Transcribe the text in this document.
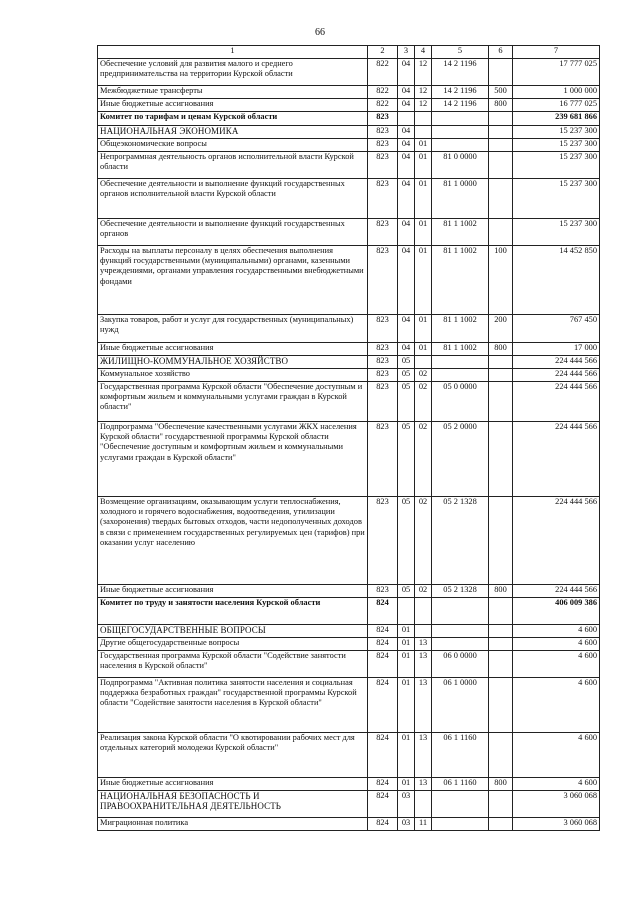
66
1	2	3	4	5	6	7
Обеспечение условий для развития малого и среднего предпринимательства на территории Курской области	822	04	12	14 2 1196		17 777 025
Межбюджетные трансферты	822	04	12	14 2 1196	500	1 000 000
Иные бюджетные ассигнования	822	04	12	14 2 1196	800	16 777 025
Комитет по тарифам и ценам Курской области	823					239 681 866
НАЦИОНАЛЬНАЯ ЭКОНОМИКА	823	04				15 237 300
Общеэкономические вопросы	823	04	01			15 237 300
Непрограммная деятельность органов исполнительной власти Курской области	823	04	01	81 0 0000		15 237 300
Обеспечение деятельности и выполнение функций государственных органов исполнительной власти Курской области	823	04	01	81 1 0000		15 237 300
Обеспечение деятельности и выполнение функций государственных органов	823	04	01	81 1 1002		15 237 300
Расходы на выплаты персоналу в целях обеспечения выполнения функций государственными (муниципальными) органами, казенными учреждениями, органами управления государственными внебюджетными фондами	823	04	01	81 1 1002	100	14 452 850
Закупка товаров, работ и услуг для государственных (муниципальных) нужд	823	04	01	81 1 1002	200	767 450
Иные бюджетные ассигнования	823	04	01	81 1 1002	800	17 000
ЖИЛИЩНО-КОММУНАЛЬНОЕ ХОЗЯЙСТВО	823	05				224 444 566
Коммунальное хозяйство	823	05	02			224 444 566
Государственная программа Курской области "Обеспечение доступным и комфортным жильем и коммунальными услугами граждан в Курской области"	823	05	02	05 0 0000		224 444 566
Подпрограмма "Обеспечение качественными услугами ЖКХ населения Курской области" государственной программы Курской области "Обеспечение доступным и комфортным жильем и коммунальными услугами граждан в Курской области"	823	05	02	05 2 0000		224 444 566
Возмещение организациям, оказывающим услуги теплоснабжения, холодного и горячего водоснабжения, водоотведения, утилизации (захоронения) твердых бытовых отходов, части недополученных доходов в связи с применением государственных регулируемых цен (тарифов) при оказании услуг населению	823	05	02	05 2 1328		224 444 566
Иные бюджетные ассигнования	823	05	02	05 2 1328	800	224 444 566
Комитет по труду и занятости населения Курской области	824					406 009 386
ОБЩЕГОСУДАРСТВЕННЫЕ ВОПРОСЫ	824	01				4 600
Другие общегосударственные вопросы	824	01	13			4 600
Государственная программа Курской области "Содействие занятости населения в Курской области"	824	01	13	06 0 0000		4 600
Подпрограмма "Активная политика занятости населения и социальная поддержка безработных граждан" государственной программы Курской области "Содействие занятости населения в Курской области"	824	01	13	06 1 0000		4 600
Реализация закона Курской области "О квотировании рабочих мест для отдельных категорий молодежи Курской области"	824	01	13	06 1 1160		4 600
Иные бюджетные ассигнования	824	01	13	06 1 1160	800	4 600
НАЦИОНАЛЬНАЯ БЕЗОПАСНОСТЬ И ПРАВООХРАНИТЕЛЬНАЯ ДЕЯТЕЛЬНОСТЬ	824	03				3 060 068
Миграционная политика	824	03	11			3 060 068
